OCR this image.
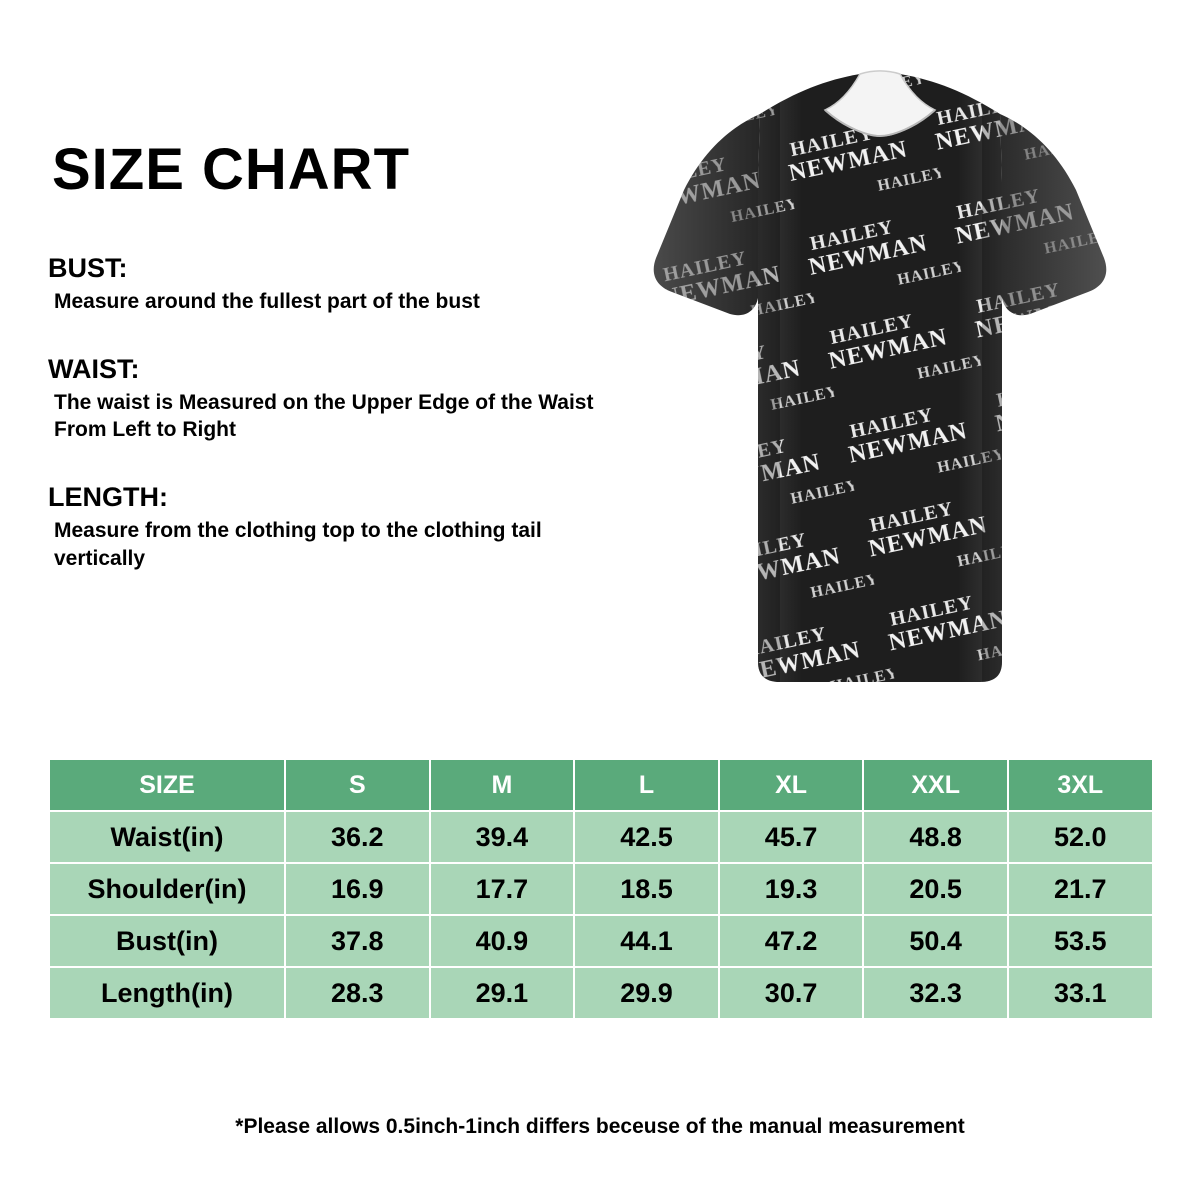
SIZE CHART
BUST:
Measure around the fullest part of the bust
WAIST:
The waist is Measured on the Upper Edge of the Waist From Left to Right
LENGTH:
Measure from the clothing top to the clothing tail vertically
SIZE	S	M	L	XL	XXL	3XL
Waist(in)	36.2	39.4	42.5	45.7	48.8	52.0
Shoulder(in)	16.9	17.7	18.5	19.3	20.5	21.7
Bust(in)	37.8	40.9	44.1	47.2	50.4	53.5
Length(in)	28.3	29.1	29.9	30.7	32.3	33.1
*Please allows 0.5inch-1inch differs beceuse of the manual measurement
